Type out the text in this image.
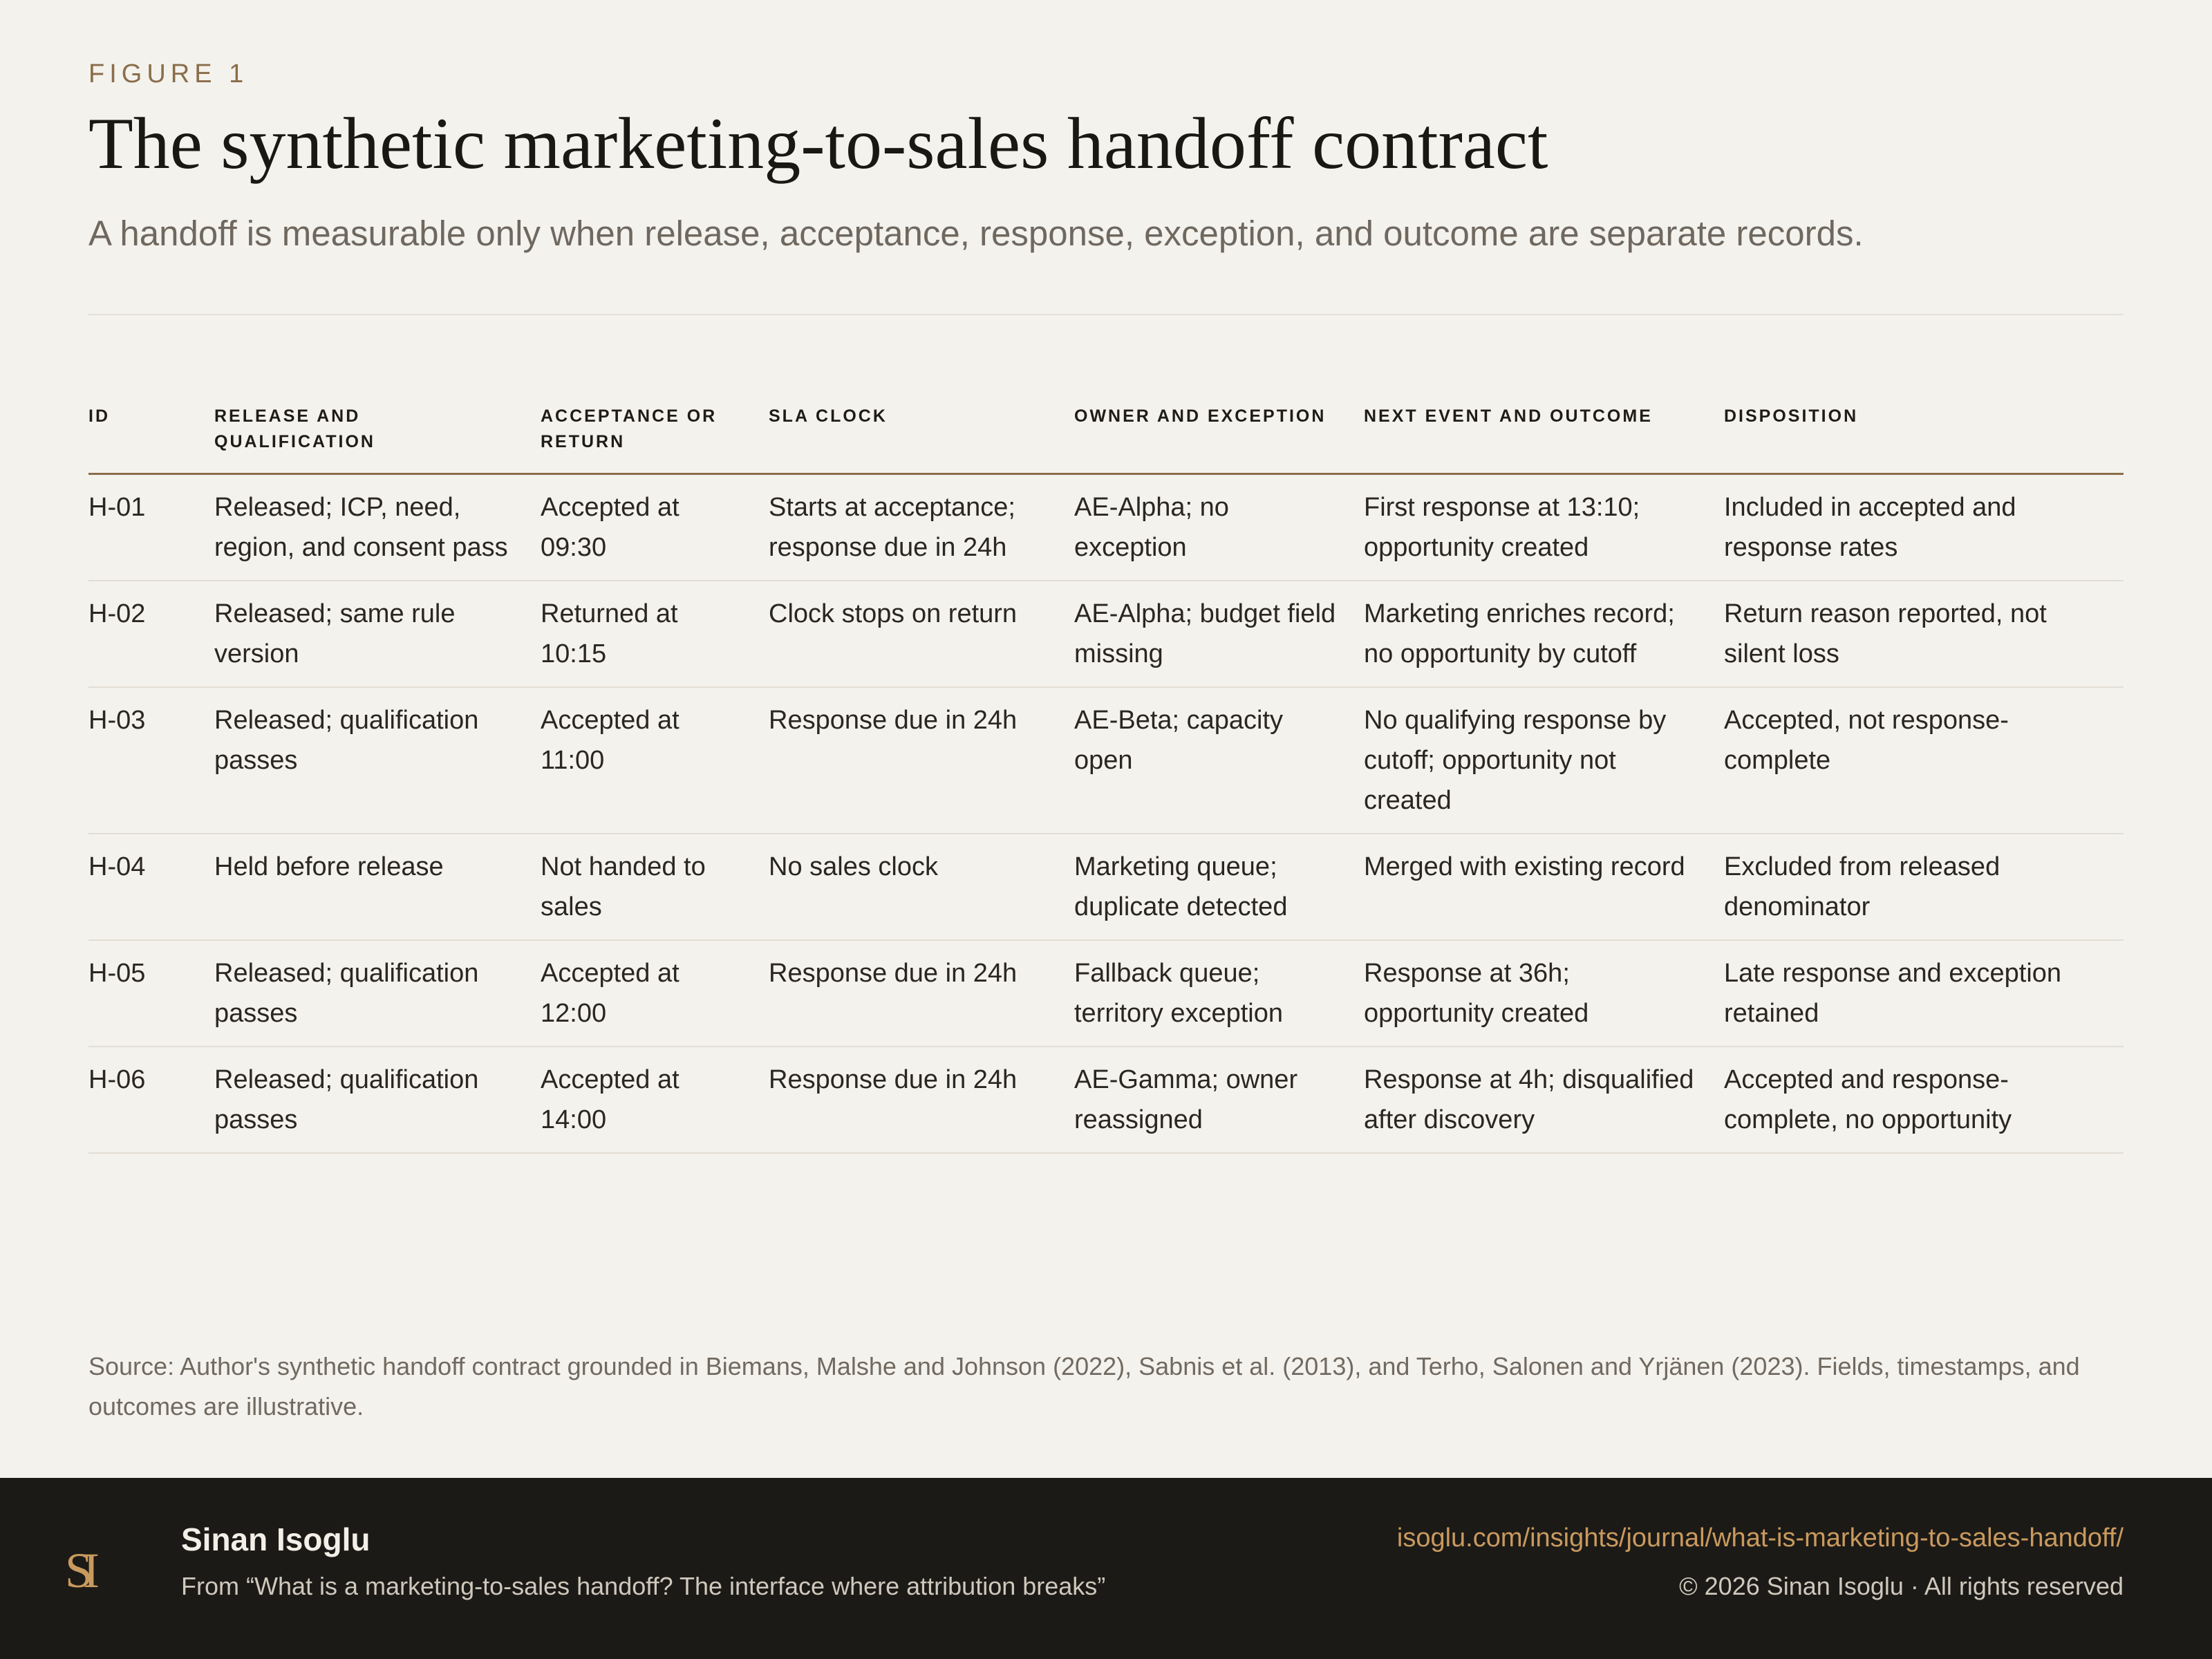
FIGURE 1
The synthetic marketing-to-sales handoff contract
A handoff is measurable only when release, acceptance, response, exception, and outcome are separate records.
ID	RELEASE AND QUALIFICATION	ACCEPTANCE OR RETURN	SLA CLOCK	OWNER AND EXCEPTION	NEXT EVENT AND OUTCOME	DISPOSITION
H-01	Released; ICP, need, region, and consent pass	Accepted at 09:30	Starts at acceptance; response due in 24h	AE-Alpha; no exception	First response at 13:10; opportunity created	Included in accepted and response rates
H-02	Released; same rule version	Returned at 10:15	Clock stops on return	AE-Alpha; budget field missing	Marketing enriches record; no opportunity by cutoff	Return reason reported, not silent loss
H-03	Released; qualification passes	Accepted at 11:00	Response due in 24h	AE-Beta; capacity open	No qualifying response by cutoff; opportunity not created	Accepted, not response-complete
H-04	Held before release	Not handed to sales	No sales clock	Marketing queue; duplicate detected	Merged with existing record	Excluded from released denominator
H-05	Released; qualification passes	Accepted at 12:00	Response due in 24h	Fallback queue; territory exception	Response at 36h; opportunity created	Late response and exception retained
H-06	Released; qualification passes	Accepted at 14:00	Response due in 24h	AE-Gamma; owner reassigned	Response at 4h; disqualified after discovery	Accepted and response-complete, no opportunity
Source: Author's synthetic handoff contract grounded in Biemans, Malshe and Johnson (2022), Sabnis et al. (2013), and Terho, Salonen and Yrjänen (2023). Fields, timestamps, and outcomes are illustrative.
SI
Sinan Isoglu
From “What is a marketing-to-sales handoff? The interface where attribution breaks”
isoglu.com/insights/journal/what-is-marketing-to-sales-handoff/
© 2026 Sinan Isoglu · All rights reserved
